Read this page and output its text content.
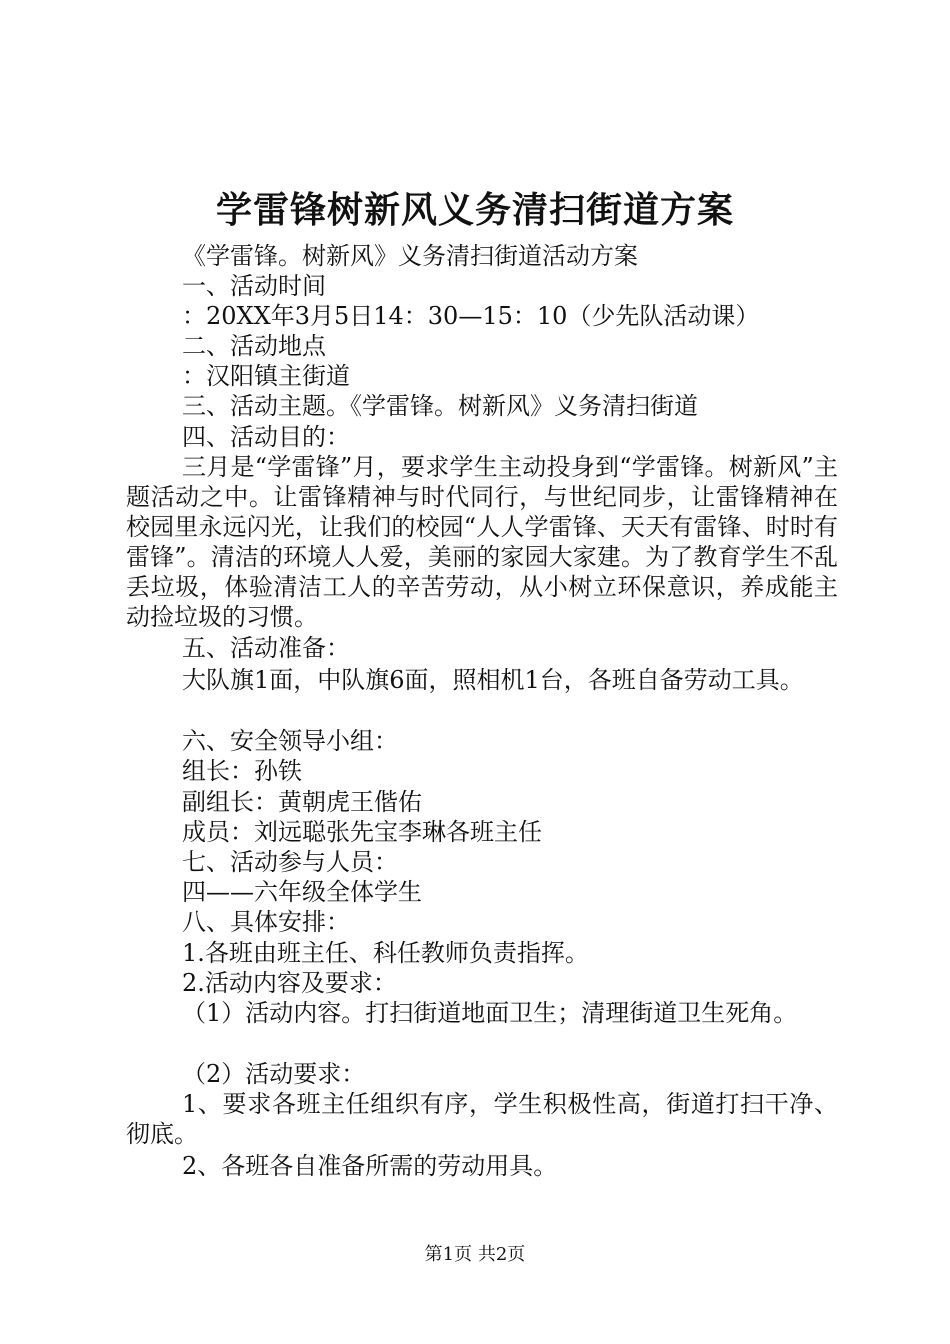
学雷锋树新风义务清扫街道方案
《学雷锋。树新风》义务清扫街道活动方案
一、活动时间
：20XX年3月5日14：30—15：10（少先队活动课）
二、活动地点
：汉阳镇主街道
三、活动主题。《学雷锋。树新风》义务清扫街道
四、活动目的：
三月是“学雷锋”月，要求学生主动投身到“学雷锋。树新风”主题活动之中。让雷锋精神与时代同行，与世纪同步，让雷锋精神在校园里永远闪光，让我们的校园“人人学雷锋、天天有雷锋、时时有雷锋”。清洁的环境人人爱，美丽的家园大家建。为了教育学生不乱丢垃圾，体验清洁工人的辛苦劳动，从小树立环保意识，养成能主动捡垃圾的习惯。
五、活动准备：
大队旗1面，中队旗6面，照相机1台，各班自备劳动工具。
六、安全领导小组：
组长：孙铁
副组长：黄朝虎王偕佑
成员：刘远聪张先宝李琳各班主任
七、活动参与人员：
四——六年级全体学生
八、具体安排：
1.各班由班主任、科任教师负责指挥。
2.活动内容及要求：
（1）活动内容。打扫街道地面卫生；清理街道卫生死角。
（2）活动要求：
1、要求各班主任组织有序，学生积极性高，街道打扫干净、彻底。
2、各班各自准备所需的劳动用具。
第1页 共2页
